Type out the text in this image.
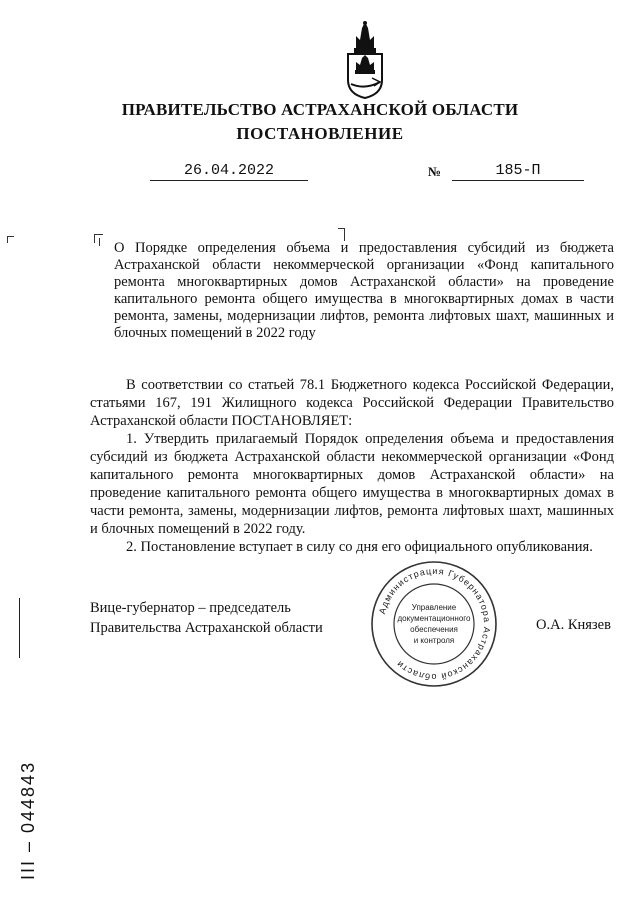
ПРАВИТЕЛЬСТВО АСТРАХАНСКОЙ ОБЛАСТИ
ПОСТАНОВЛЕНИЕ
26.04.2022	№	185-П
О Порядке определения объема и предоставления субсидий из бюджета Астраханской области некоммерческой организации «Фонд капитального ремонта многоквартирных домов Астраханской области» на проведение капитального ремонта общего имущества в многоквартирных домах в части ремонта, замены, модернизации лифтов, ремонта лифтовых шахт, машинных и блочных помещений в 2022 году

В соответствии со статьей 78.1 Бюджетного кодекса Российской Федерации, статьями 167, 191 Жилищного кодекса Российской Федерации Правительство Астраханской области ПОСТАНОВЛЯЕТ:

1. Утвердить прилагаемый Порядок определения объема и предоставления субсидий из бюджета Астраханской области некоммерческой организации «Фонд капитального ремонта многоквартирных домов Астраханской области» на проведение капитального ремонта общего имущества в многоквартирных домах в части ремонта, замены, модернизации лифтов, ремонта лифтовых шахт, машинных и блочных помещений в 2022 году.

2. Постановление вступает в силу со дня его официального опубликования.

Вице-губернатор – председатель
Правительства Астраханской области	О.А. Князев
Администрация Губернатора Астраханской области
Управление
документационного
обеспечения
и контроля
III – 044843
